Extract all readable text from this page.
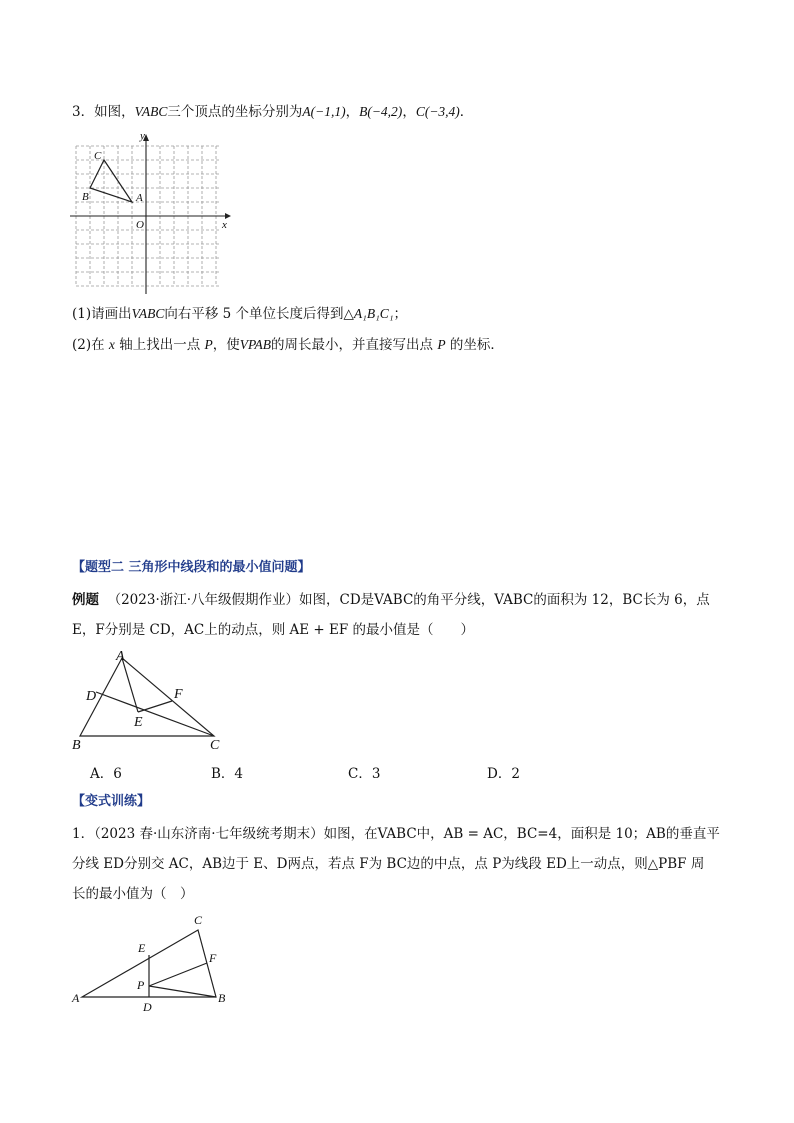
3．如图，VABC三个顶点的坐标分别为A(−1,1)，B(−4,2)，C(−3,4)．
y
x
O
A
B
C
(1)请画出VABC向右平移 5 个单位长度后得到△A₁B₁C₁；
(2)在 x 轴上找出一点 P，使VPAB的周长最小，并直接写出点 P 的坐标．
【题型二 三角形中线段和的最小值问题】
例题 （2023·浙江·八年级假期作业）如图，CD是VABC的角平分线，VABC的面积为 12，BC长为 6，点
E，F分别是 CD，AC上的动点，则 AE + EF 的最小值是（　　）
A
B	C
D
E
F
A．6	B．4	C．3	D．2
【变式训练】
1．（2023 春·山东济南·七年级统考期末）如图，在VABC中，AB = AC，BC=4，面积是 10；AB的垂直平
分线 ED分别交 AC，AB边于 E、D两点，若点 F为 BC边的中点，点 P为线段 ED上一动点，则△PBF 周
长的最小值为（　）
A	B
C
D
E
F
P
